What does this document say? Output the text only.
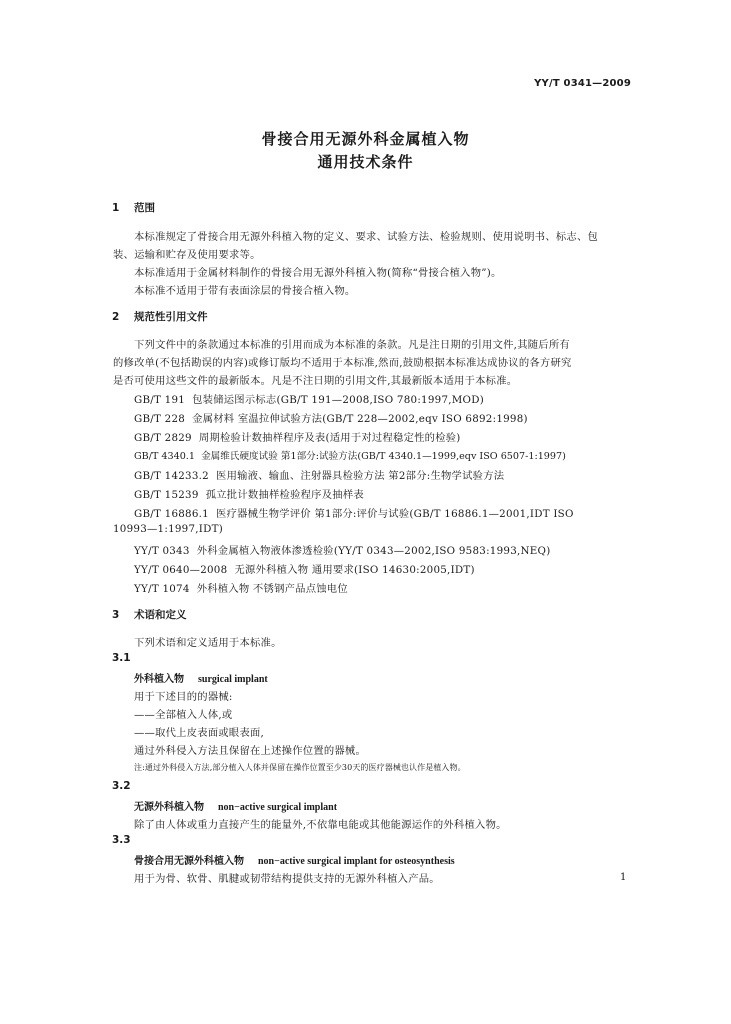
YY/T 0341—2009
骨接合用无源外科金属植入物
通用技术条件
1 范围
本标准规定了骨接合用无源外科植入物的定义、要求、试验方法、检验规则、使用说明书、标志、包
装、运输和贮存及使用要求等。
本标准适用于金属材料制作的骨接合用无源外科植入物(简称“骨接合植入物”)。
本标准不适用于带有表面涂层的骨接合植入物。
2 规范性引用文件
下列文件中的条款通过本标准的引用而成为本标准的条款。凡是注日期的引用文件,其随后所有
的修改单(不包括勘误的内容)或修订版均不适用于本标准,然而,鼓励根据本标准达成协议的各方研究
是否可使用这些文件的最新版本。凡是不注日期的引用文件,其最新版本适用于本标准。
GB/T 191 包装储运图示标志(GB/T 191—2008,ISO 780:1997,MOD)
GB/T 228 金属材料 室温拉伸试验方法(GB/T 228—2002,eqv ISO 6892:1998)
GB/T 2829 周期检验计数抽样程序及表(适用于对过程稳定性的检验)
GB/T 4340.1 金属维氏硬度试验 第1部分:试验方法(GB/T 4340.1—1999,eqv ISO 6507-1:1997)
GB/T 14233.2 医用输液、输血、注射器具检验方法 第2部分:生物学试验方法
GB/T 15239 孤立批计数抽样检验程序及抽样表
GB/T 16886.1 医疗器械生物学评价 第1部分:评价与试验(GB/T 16886.1—2001,IDT ISO
10993—1:1997,IDT)
YY/T 0343 外科金属植入物液体渗透检验(YY/T 0343—2002,ISO 9583:1993,NEQ)
YY/T 0640—2008 无源外科植入物 通用要求(ISO 14630:2005,IDT)
YY/T 1074 外科植入物 不锈钢产品点蚀电位
3 术语和定义
下列术语和定义适用于本标准。
3.1
外科植入物 surgical implant
用于下述目的的器械:
——全部植入人体,或
——取代上皮表面或眼表面,
通过外科侵入方法且保留在上述操作位置的器械。
注:通过外科侵入方法,部分植入人体并保留在操作位置至少30天的医疗器械也认作是植入物。
3.2
无源外科植入物 non−active surgical implant
除了由人体或重力直接产生的能量外,不依靠电能或其他能源运作的外科植入物。
3.3
骨接合用无源外科植入物 non−active surgical implant for osteosynthesis
用于为骨、软骨、肌腱或韧带结构提供支持的无源外科植入产品。	1
